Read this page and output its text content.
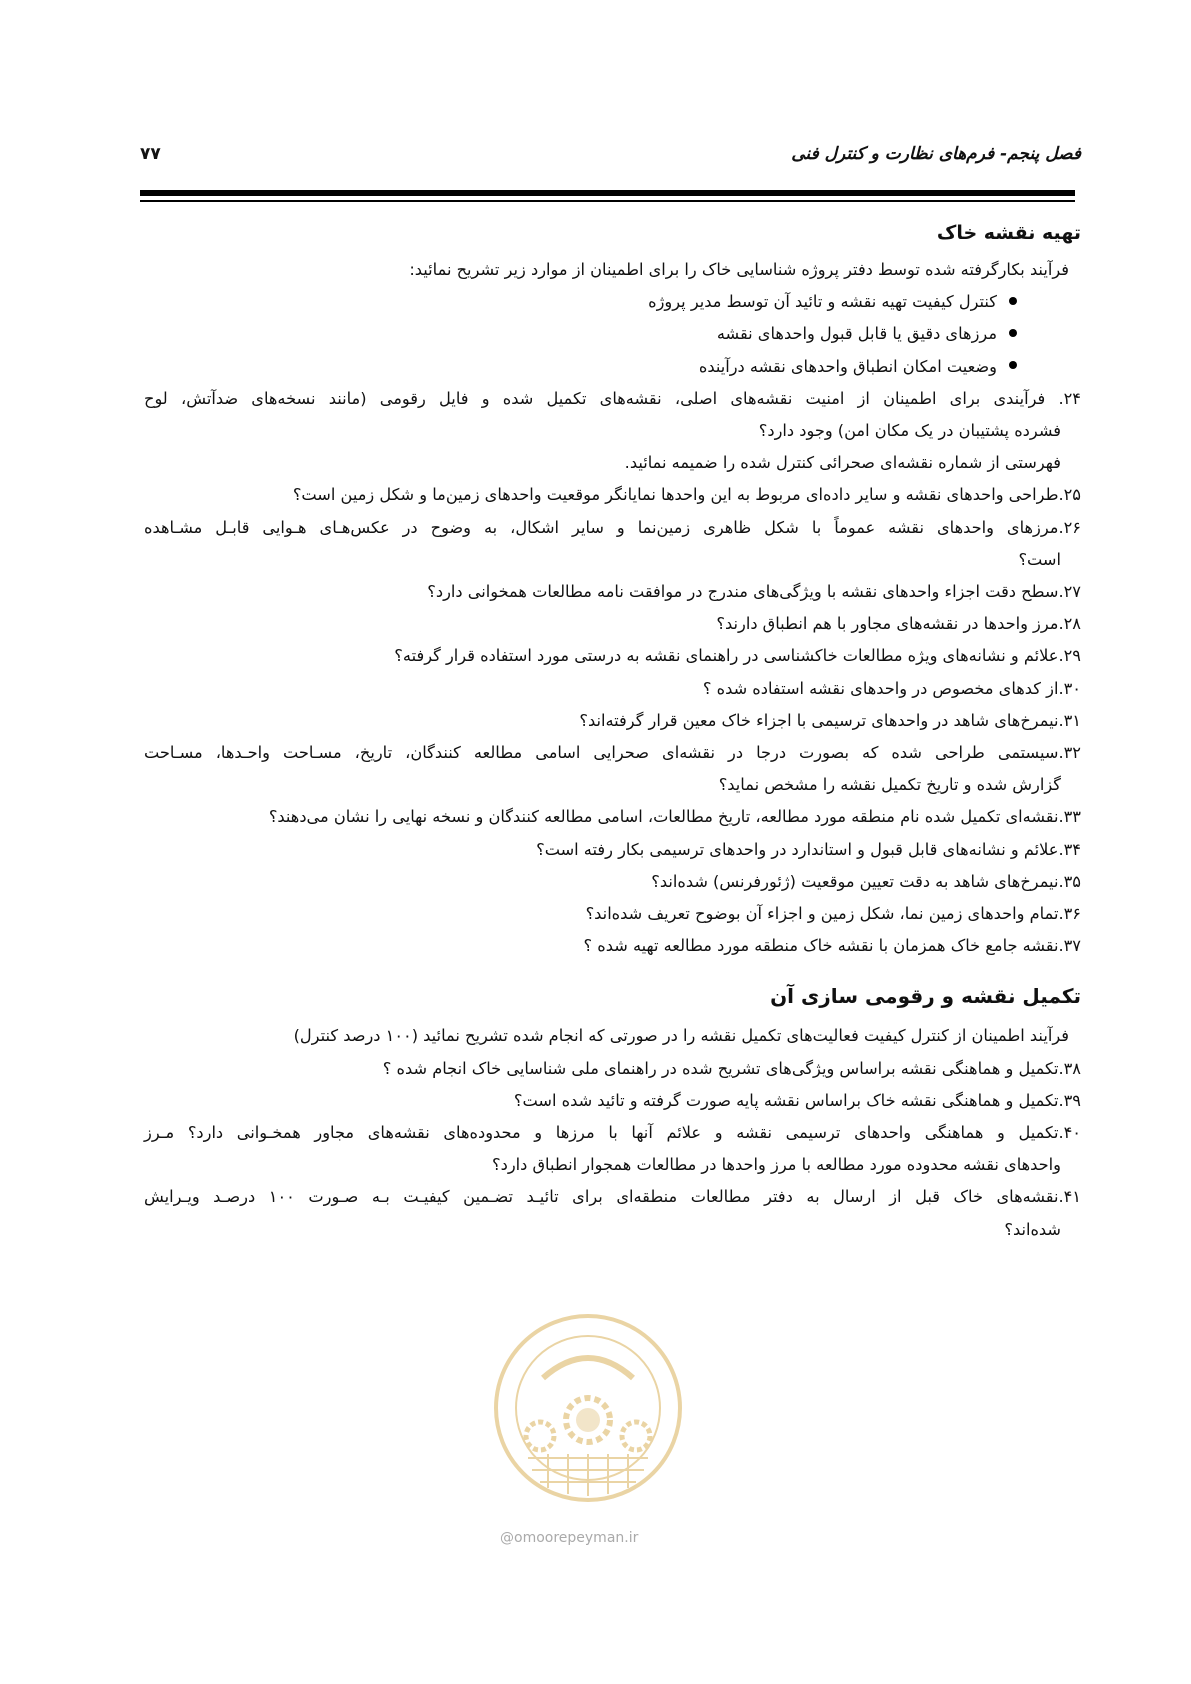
فصل پنجم- فرم‌های نظارت و کنترل فنی
۷۷
تهیه نقشه خاک
فرآیند بکارگرفته شده توسط دفتر پروژه شناسایی خاک را برای اطمینان از موارد زیر تشریح نمائید:
کنترل کیفیت تهیه نقشه و تائید آن توسط مدیر پروژه
مرزهای دقیق یا قابل قبول واحدهای نقشه
وضعیت امکان انطباق واحدهای نقشه درآینده
۲۴. فرآیندی برای اطمینان از امنیت نقشه‌های اصلی، نقشه‌های تکمیل شده و فایل رقومی (مانند نسخه‌های ضدآتش، لوح
فشرده پشتیبان در یک مکان امن) وجود دارد؟
فهرستی از شماره نقشه‌ای صحرائی کنترل شده را ضمیمه نمائید.
۲۵.طراحی واحدهای نقشه و سایر داده‌ای مربوط به این واحدها نمایانگر موقعیت واحدهای زمین‌ما و شکل زمین است؟
۲۶.مرزهای واحدهای نقشه عموماً با شکل ظاهری زمین‌نما و سایر اشکال، به وضوح در عکس‌هـای هـوایی قابـل مشـاهده
است؟
۲۷.سطح دقت اجزاء واحدهای نقشه با ویژگی‌های مندرج در موافقت نامه مطالعات همخوانی دارد؟
۲۸.مرز واحدها در نقشه‌های مجاور با هم انطباق دارند؟
۲۹.علائم و نشانه‌های ویژه مطالعات خاکشناسی در راهنمای نقشه به درستی مورد استفاده قرار گرفته؟
۳۰.از کدهای مخصوص در واحدهای نقشه استفاده شده ؟
۳۱.نیمرخ‌های شاهد در واحدهای ترسیمی با اجزاء خاک معین قرار گرفته‌اند؟
۳۲.سیستمی طراحی شده که بصورت درجا در نقشه‌ای صحرایی اسامی مطالعه کنندگان، تاریخ، مسـاحت واحـدها، مسـاحت
گزارش شده و تاریخ تکمیل نقشه را مشخص نماید؟
۳۳.نقشه‌ای تکمیل شده نام منطقه مورد مطالعه، تاریخ مطالعات، اسامی مطالعه کنندگان و نسخه نهایی را نشان می‌دهند؟
۳۴.علائم و نشانه‌های قابل قبول و استاندارد در واحدهای ترسیمی بکار رفته است؟
۳۵.نیمرخ‌های شاهد به دقت تعیین موقعیت (ژئورفرنس) شده‌اند؟
۳۶.تمام واحدهای زمین نما، شکل زمین و اجزاء آن بوضوح تعریف شده‌اند؟
۳۷.نقشه جامع خاک همزمان با نقشه خاک منطقه مورد مطالعه تهیه شده ؟
تکمیل نقشه و رقومی سازی آن
فرآیند اطمینان از کنترل کیفیت فعالیت‌های تکمیل نقشه را در صورتی که انجام شده تشریح نمائید (۱۰۰ درصد کنترل)
۳۸.تکمیل و هماهنگی نقشه براساس ویژگی‌های تشریح شده در راهنمای ملی شناسایی خاک انجام شده ؟
۳۹.تکمیل و هماهنگی نقشه خاک براساس نقشه پایه صورت گرفته و تائید شده است؟
۴۰.تکمیل و هماهنگی واحدهای ترسیمی نقشه و علائم آنها با مرزها و محدوده‌های نقشه‌های مجاور همخـوانی دارد؟ مـرز
واحدهای نقشه محدوده مورد مطالعه با مرز واحدها در مطالعات همجوار انطباق دارد؟
۴۱.نقشه‌های خاک قبل از ارسال به دفتر مطالعات منطقه‌ای برای تائیـد تضـمین کیفیـت بـه صـورت ۱۰۰ درصـد ویـرایش
شده‌اند؟
@omoorepeyman.ir
